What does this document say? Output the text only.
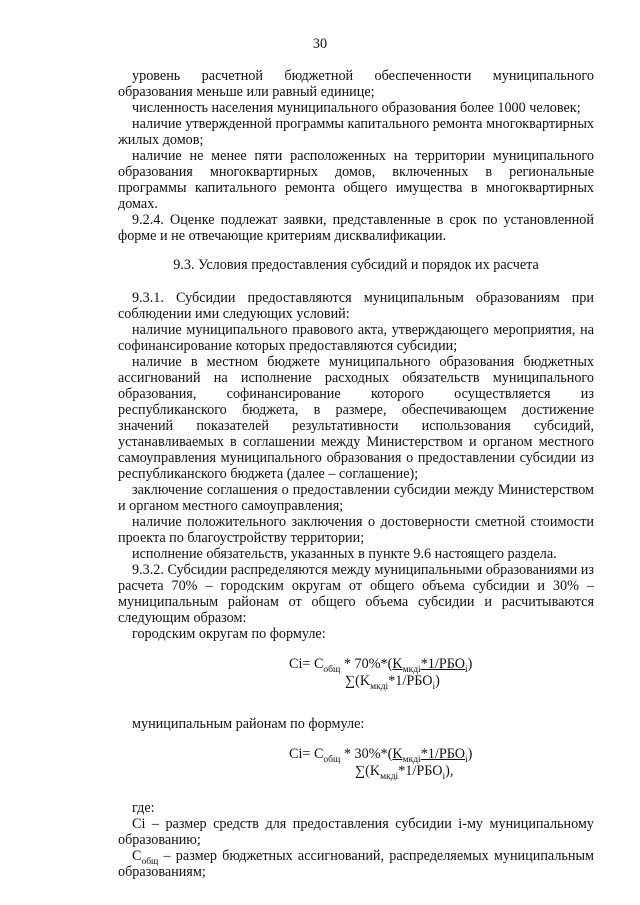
30

уровень расчетной бюджетной обеспеченности муниципального образования меньше или равный единице;

численность населения муниципального образования более 1000 человек;

наличие утвержденной программы капитального ремонта многоквартирных жилых домов;

наличие не менее пяти расположенных на территории муниципального образования многоквартирных домов, включенных в региональные программы капитального ремонта общего имущества в многоквартирных домах.

9.2.4. Оценке подлежат заявки, представленные в срок по установленной форме и не отвечающие критериям дисквалификации.

9.3. Условия предоставления субсидий и порядок их расчета

9.3.1. Субсидии предоставляются муниципальным образованиям при соблюдении ими следующих условий:

наличие муниципального правового акта, утверждающего мероприятия, на софинансирование которых предоставляются субсидии;

наличие в местном бюджете муниципального образования бюджетных ассигнований на исполнение расходных обязательств муниципального образования, софинансирование которого осуществляется из республиканского бюджета, в размере, обеспечивающем достижение значений показателей результативности использования субсидий, устанавливаемых в соглашении между Министерством и органом местного самоуправления муниципального образования о предоставлении субсидии из республиканского бюджета (далее – соглашение);

заключение соглашения о предоставлении субсидии между Министерством и органом местного самоуправления;

наличие положительного заключения о достоверности сметной стоимости проекта по благоустройству территории;

исполнение обязательств, указанных в пункте 9.6 настоящего раздела.

9.3.2. Субсидии распределяются между муниципальными образованиями из расчета 70% – городским округам от общего объема субсидии и 30% – муниципальным районам от общего объема субсидии и расчитываются следующим образом:

городским округам по формуле:

$Ci= C_{общ} * 70\%*(K_{мкдi}*1/РБО_i)$
$\sum(K_{мкдi}*1/РБО_i)$

муниципальным районам по формуле:

$Ci= C_{общ} * 30\%*(K_{мкдi}*1/РБО_i)$
$\sum(K_{мкдi}*1/РБО_i)$,

где:

Ci – размер средств для предоставления субсидии i-му муниципальному образованию;

$C_{общ}$ – размер бюджетных ассигнований, распределяемых муниципальным образованиям;
